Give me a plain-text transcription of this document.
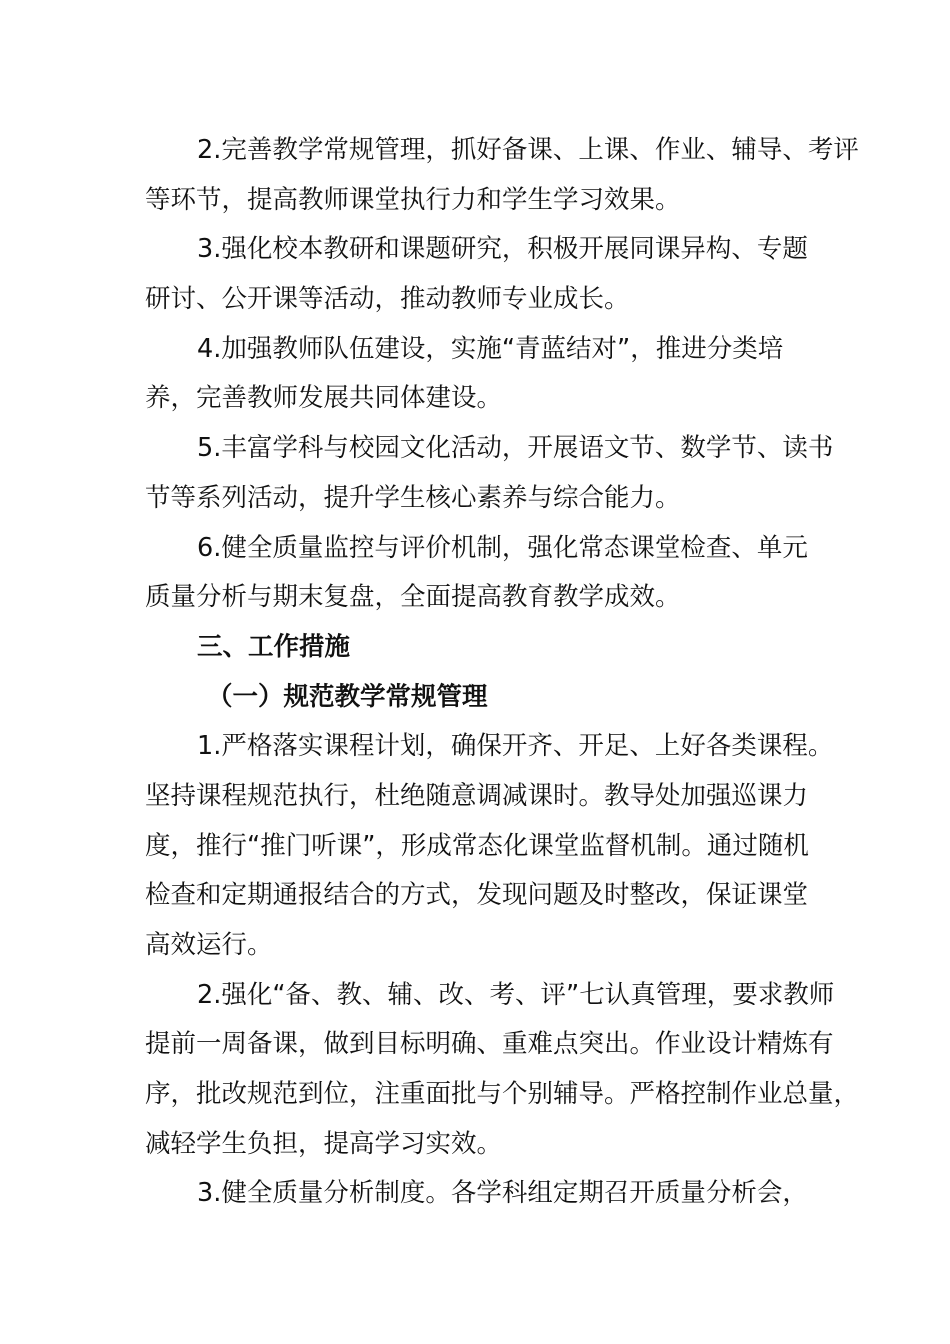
2.完善教学常规管理，抓好备课、上课、作业、辅导、考评
等环节，提高教师课堂执行力和学生学习效果。
3.强化校本教研和课题研究，积极开展同课异构、专题
研讨、公开课等活动，推动教师专业成长。
4.加强教师队伍建设，实施“青蓝结对”，推进分类培
养，完善教师发展共同体建设。
5.丰富学科与校园文化活动，开展语文节、数学节、读书
节等系列活动，提升学生核心素养与综合能力。
6.健全质量监控与评价机制，强化常态课堂检查、单元
质量分析与期末复盘，全面提高教育教学成效。
三、工作措施
（一）规范教学常规管理
1.严格落实课程计划，确保开齐、开足、上好各类课程。
坚持课程规范执行，杜绝随意调减课时。教导处加强巡课力
度，推行“推门听课”，形成常态化课堂监督机制。通过随机
检查和定期通报结合的方式，发现问题及时整改，保证课堂
高效运行。
2.强化“备、教、辅、改、考、评”七认真管理，要求教师
提前一周备课，做到目标明确、重难点突出。作业设计精炼有
序，批改规范到位，注重面批与个别辅导。严格控制作业总量，
减轻学生负担，提高学习实效。
3.健全质量分析制度。各学科组定期召开质量分析会，
